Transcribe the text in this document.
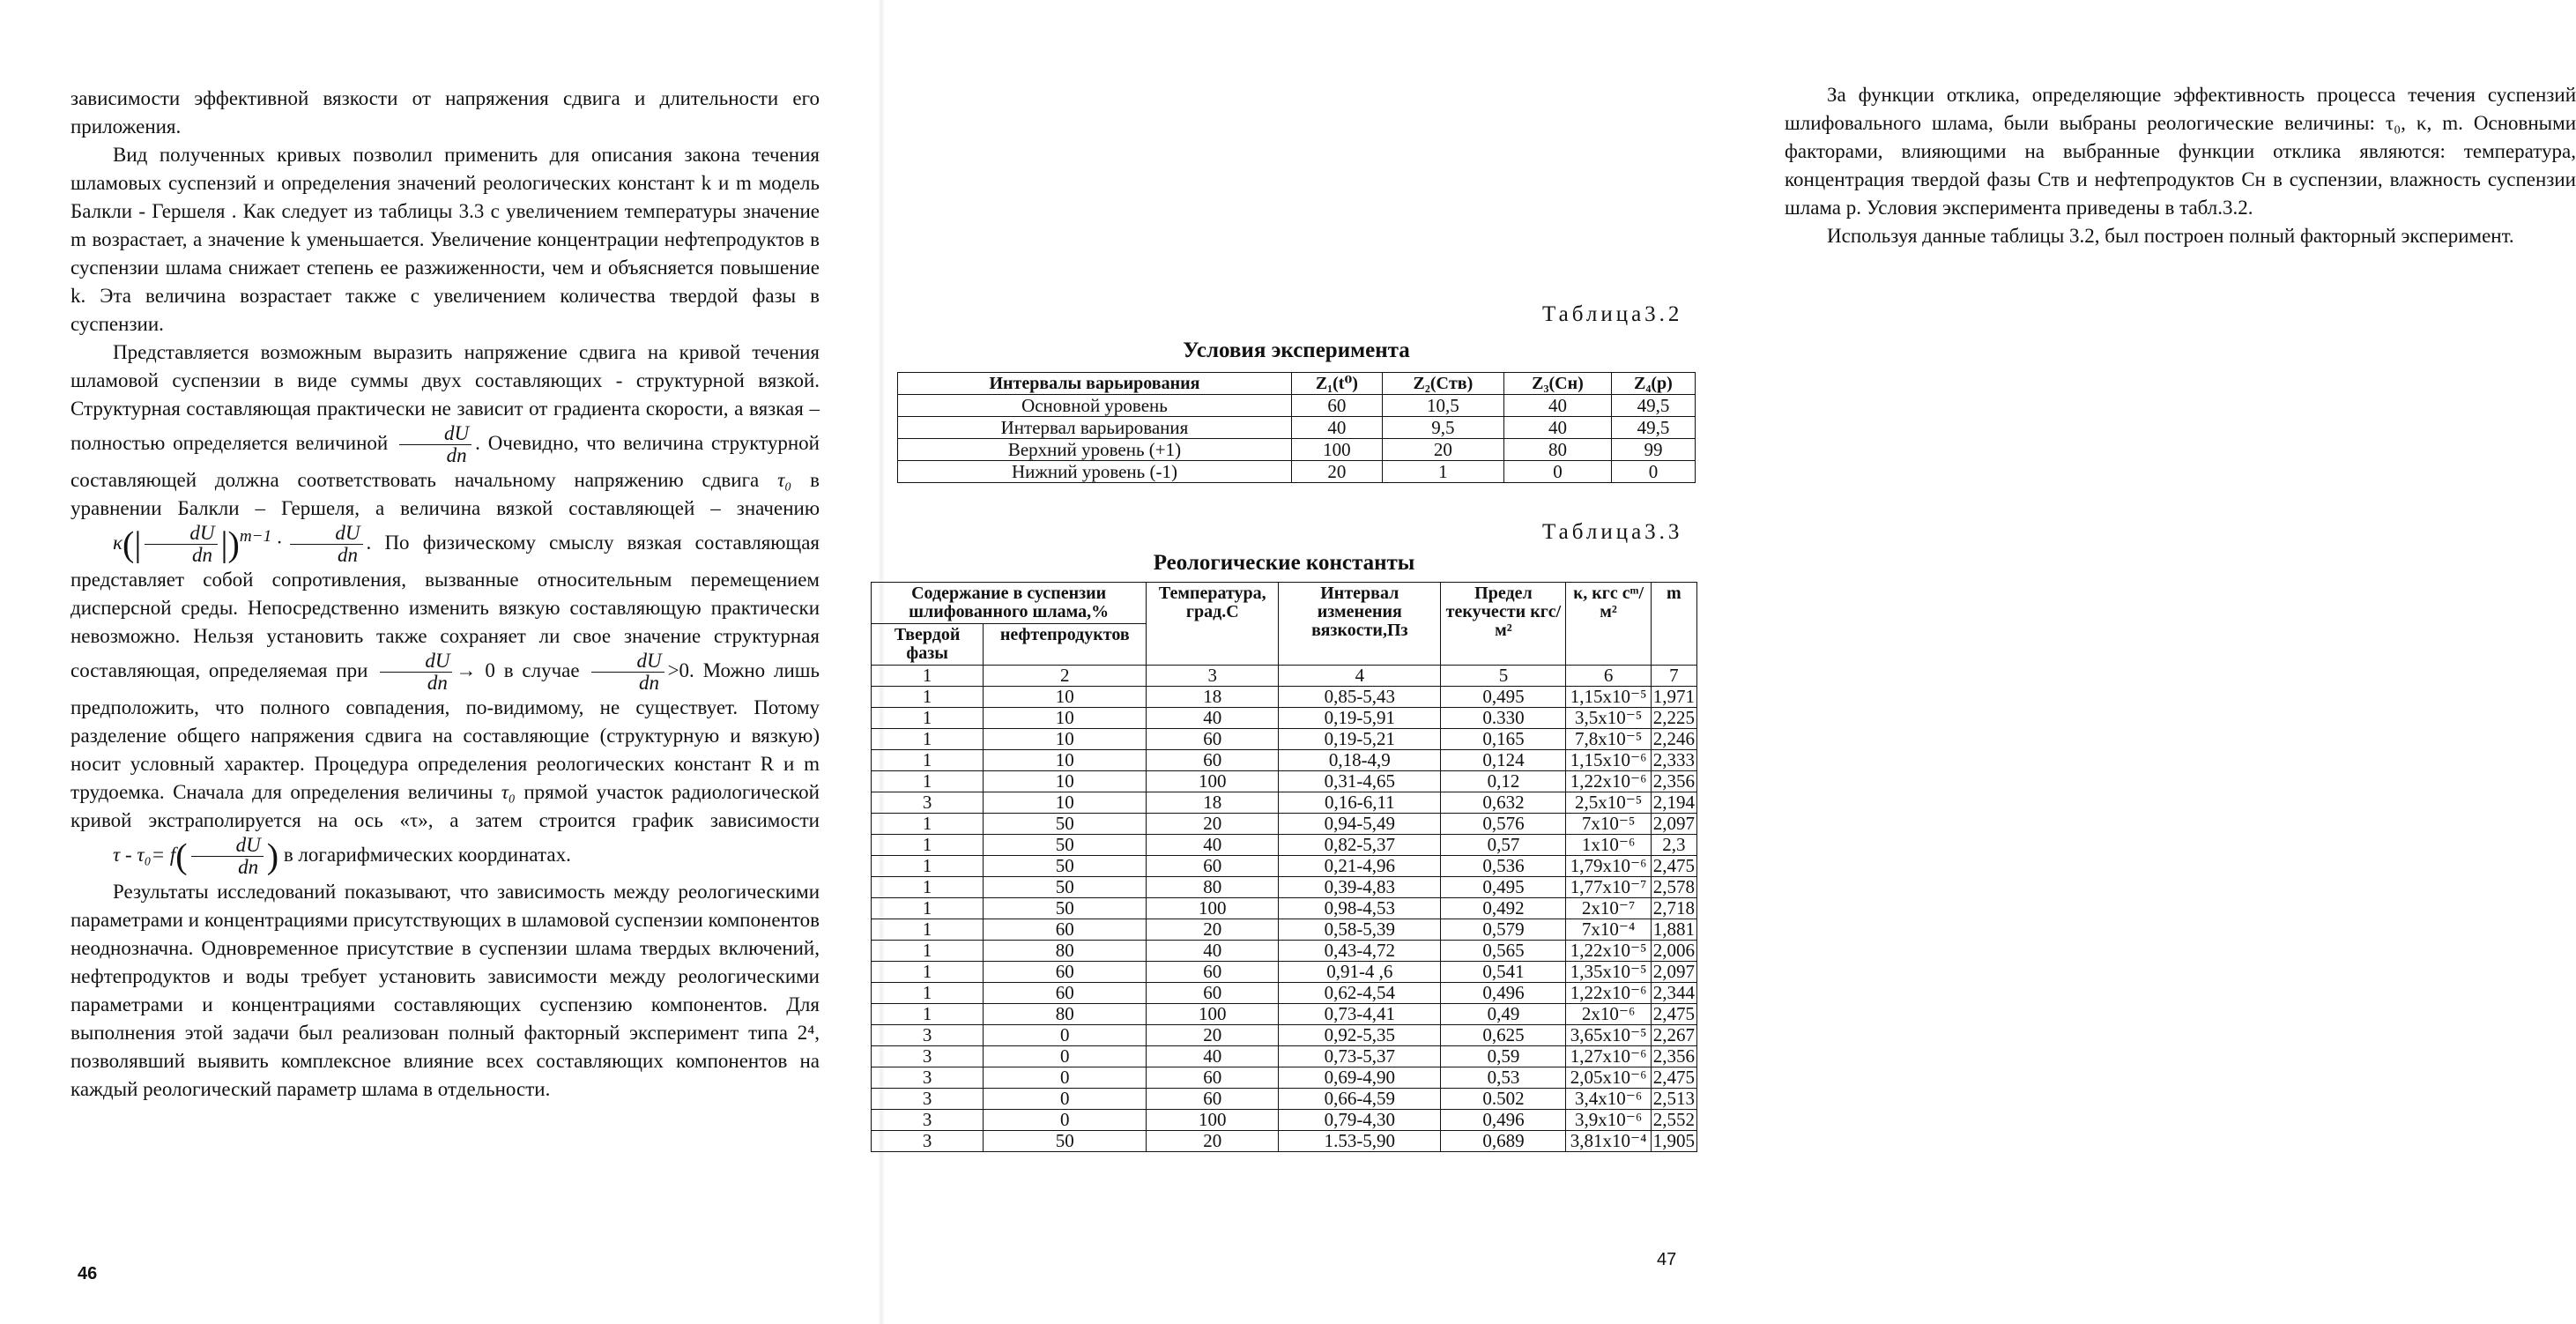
зависимости эффективной вязкости от напряжения сдвига и длительности его приложения.

Вид полученных кривых позволил применить для описания закона течения шламовых суспензий и определения значений реологических констант k и m модель Балкли - Гершеля . Как следует из таблицы 3.3 с увеличением температуры значение m возрастает, а значение k уменьшается. Увеличение концентрации нефтепродуктов в суспензии шлама снижает степень ее разжиженности, чем и объясняется повышение k. Эта величина возрастает также с увеличением количества твердой фазы в суспензии.

Представляется возможным выразить напряжение сдвига на кривой течения шламовой суспензии в виде суммы двух составляющих - структурной вязкой. Структурная составляющая практически не зависит от градиента скорости, а вязкая – полностью определяется величиной $\frac{dU}{dn}$ . Очевидно, что величина структурной составляющей должна соответствовать начальному напряжению сдвига τ₀ в уравнении Балкли – Гершеля, а величина вязкой составляющей – значению $\kappa(| \frac{dU}{dn} |)^{m-1} \cdot \frac{dU}{dn}$ . По физическому смыслу вязкая составляющая представляет собой сопротивления, вызванные относительным перемещением дисперсной среды. Непосредственно изменить вязкую составляющую практически невозможно. Нельзя установить также сохраняет ли свое значение структурная составляющая, определяемая при $\frac{dU}{dn} \to 0$ в случае $\frac{dU}{dn} >0$. Можно лишь предположить, что полного совпадения, по-видимому, не существует. Потому разделение общего напряжения сдвига на составляющие (структурную и вязкую) носит условный характер. Процедура определения реологических констант R и m трудоемка. Сначала для определения величины τ₀ прямой участок радиологической кривой экстраполируется на ось «τ», а затем строится график зависимости $\tau - \tau_0= f( \frac{dU}{dn}$ ) в логарифмических координатах.

Результаты исследований показывают, что зависимость между реологическими параметрами и концентрациями присутствующих в шламовой суспензии компонентов неоднозначна. Одновременное присутствие в суспензии шлама твердых включений, нефтепродуктов и воды требует установить зависимости между реологическими параметрами и концентрациями составляющих суспензию компонентов. Для выполнения этой задачи был реализован полный факторный эксперимент типа 2⁴, позволявший выявить комплексное влияние всех составляющих компонентов на каждый реологический параметр шлама в отдельности.

46

За функции отклика, определяющие эффективность процесса течения суспензий шлифовального шлама, были выбраны реологические величины: τ₀, κ, m. Основными факторами, влияющими на выбранные функции отклика являются: температура, концентрация твердой фазы Cтв и нефтепродуктов Cн в суспензии, влажность суспензии шлама p. Условия эксперимента приведены в табл.3.2.

Используя данные таблицы 3.2, был построен полный факторный эксперимент.

Таблица3.2
Условия эксперимента
Интервалы варьирования	Z₁(t⁰)	Z₂(Cтв)	Z₃(Cн)	Z₄(p)
Основной уровень	60	10,5	40	49,5
Интервал варьирования	40	9,5	40	49,5
Верхний уровень (+1)	100	20	80	99
Нижний уровень (-1)	20	1	0	0
Таблица3.3
Реологические константы
Содержание в суспензии шлифованного шлама,%		Температура, град.С	Интервал изменения вязкости,Пз	Предел текучести кгс/м²	κ, кгс cᵐ/м²	m
Твердой фазы	нефтепродуктов					
1	2	3	4	5	6	7
1	10	18	0,85-5,43	0,495	1,15x10⁻⁵	1,971
1	10	40	0,19-5,91	0.330	3,5x10⁻⁵	2,225
1	10	60	0,19-5,21	0,165	7,8x10⁻⁵	2,246
1	10	60	0,18-4,9	0,124	1,15x10⁻⁶	2,333
1	10	100	0,31-4,65	0,12	1,22x10⁻⁶	2,356
3	10	18	0,16-6,11	0,632	2,5x10⁻⁵	2,194
1	50	20	0,94-5,49	0,576	7x10⁻⁵	2,097
1	50	40	0,82-5,37	0,57	1x10⁻⁶	2,3
1	50	60	0,21-4,96	0,536	1,79x10⁻⁶	2,475
1	50	80	0,39-4,83	0,495	1,77x10⁻⁷	2,578
1	50	100	0,98-4,53	0,492	2x10⁻⁷	2,718
1	60	20	0,58-5,39	0,579	7x10⁻⁴	1,881
1	80	40	0,43-4,72	0,565	1,22x10⁻⁵	2,006
1	60	60	0,91-4 ,6	0,541	1,35x10⁻⁵	2,097
1	60	60	0,62-4,54	0,496	1,22x10⁻⁶	2,344
1	80	100	0,73-4,41	0,49	2x10⁻⁶	2,475
3	0	20	0,92-5,35	0,625	3,65x10⁻⁵	2,267
3	0	40	0,73-5,37	0,59	1,27x10⁻⁶	2,356
3	0	60	0,69-4,90	0,53	2,05x10⁻⁶	2,475
3	0	60	0,66-4,59	0.502	3,4x10⁻⁶	2,513
3	0	100	0,79-4,30	0,496	3,9x10⁻⁶	2,552
3	50	20	1.53-5,90	0,689	3,81x10⁻⁴	1,905
47
